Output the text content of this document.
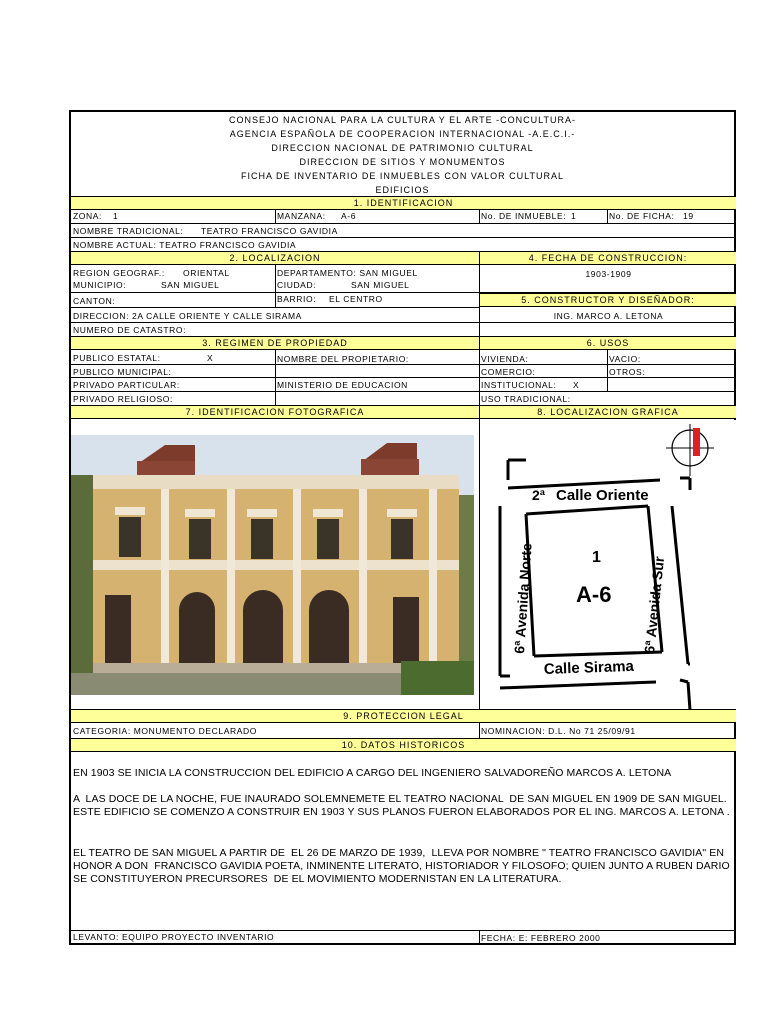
CONSEJO NACIONAL PARA LA CULTURA Y EL ARTE -CONCULTURA-
AGENCIA ESPAÑOLA DE COOPERACION INTERNACIONAL -A.E.C.I.-
DIRECCION NACIONAL DE PATRIMONIO CULTURAL
DIRECCION DE SITIOS Y MONUMENTOS
FICHA DE INVENTARIO DE INMUEBLES CON VALOR CULTURAL
EDIFICIOS
1. IDENTIFICACION
ZONA: 1	MANZANA: A-6	No. DE INMUEBLE: 1	No. DE FICHA: 19
NOMBRE TRADICIONAL: TEATRO FRANCISCO GAVIDIA
NOMBRE ACTUAL: TEATRO FRANCISCO GAVIDIA
2. LOCALIZACION	4. FECHA DE CONSTRUCCION:
REGION GEOGRAF.: ORIENTAL	DEPARTAMENTO: SAN MIGUEL	1903-1909
MUNICIPIO:	SAN MIGUEL	CIUDAD:	SAN MIGUEL
CANTON:	BARRIO: EL CENTRO	5. CONSTRUCTOR Y DISEÑADOR:
DIRECCION: 2A CALLE ORIENTE Y CALLE SIRAMA	ING. MARCO A. LETONA
NUMERO DE CATASTRO:
3. REGIMEN DE PROPIEDAD	6. USOS
PUBLICO ESTATAL:	X	NOMBRE DEL PROPIETARIO:	VIVIENDA:	VACIO:
PUBLICO MUNICIPAL:	COMERCIO:	OTROS:
PRIVADO PARTICULAR:	MINISTERIO DE EDUCACION	INSTITUCIONAL: X
PRIVADO RELIGIOSO:	USO TRADICIONAL:
7. IDENTIFICACION FOTOGRAFICA	8. LOCALIZACION GRAFICA
2ª Calle Oriente
1
A-6
6ª Avenida Norte	6ª Avenida Sur
Calle Sirama
9. PROTECCION LEGAL
CATEGORIA: MONUMENTO DECLARADO	NOMINACION: D.L. No 71 25/09/91
10. DATOS HISTORICOS
EN 1903 SE INICIA LA CONSTRUCCION DEL EDIFICIO A CARGO DEL INGENIERO SALVADOREÑO MARCOS A. LETONA
A  LAS DOCE DE LA NOCHE, FUE INAURADO SOLEMNEMETE EL TEATRO NACIONAL  DE SAN MIGUEL EN 1909 DE SAN MIGUEL. ESTE EDIFICIO SE COMENZO A CONSTRUIR EN 1903 Y SUS PLANOS FUERON ELABORADOS POR EL ING. MARCOS A. LETONA .
EL TEATRO DE SAN MIGUEL A PARTIR DE  EL 26 DE MARZO DE 1939,  LLEVA POR NOMBRE " TEATRO FRANCISCO GAVIDIA" EN HONOR A DON  FRANCISCO GAVIDIA POETA, INMINENTE LITERATO, HISTORIADOR Y FILOSOFO; QUIEN JUNTO A RUBEN DARIO SE CONSTITUYERON PRECURSORES  DE EL MOVIMIENTO MODERNISTAN EN LA LITERATURA.
LEVANTO: EQUIPO PROYECTO INVENTARIO	FECHA: E: FEBRERO 2000
